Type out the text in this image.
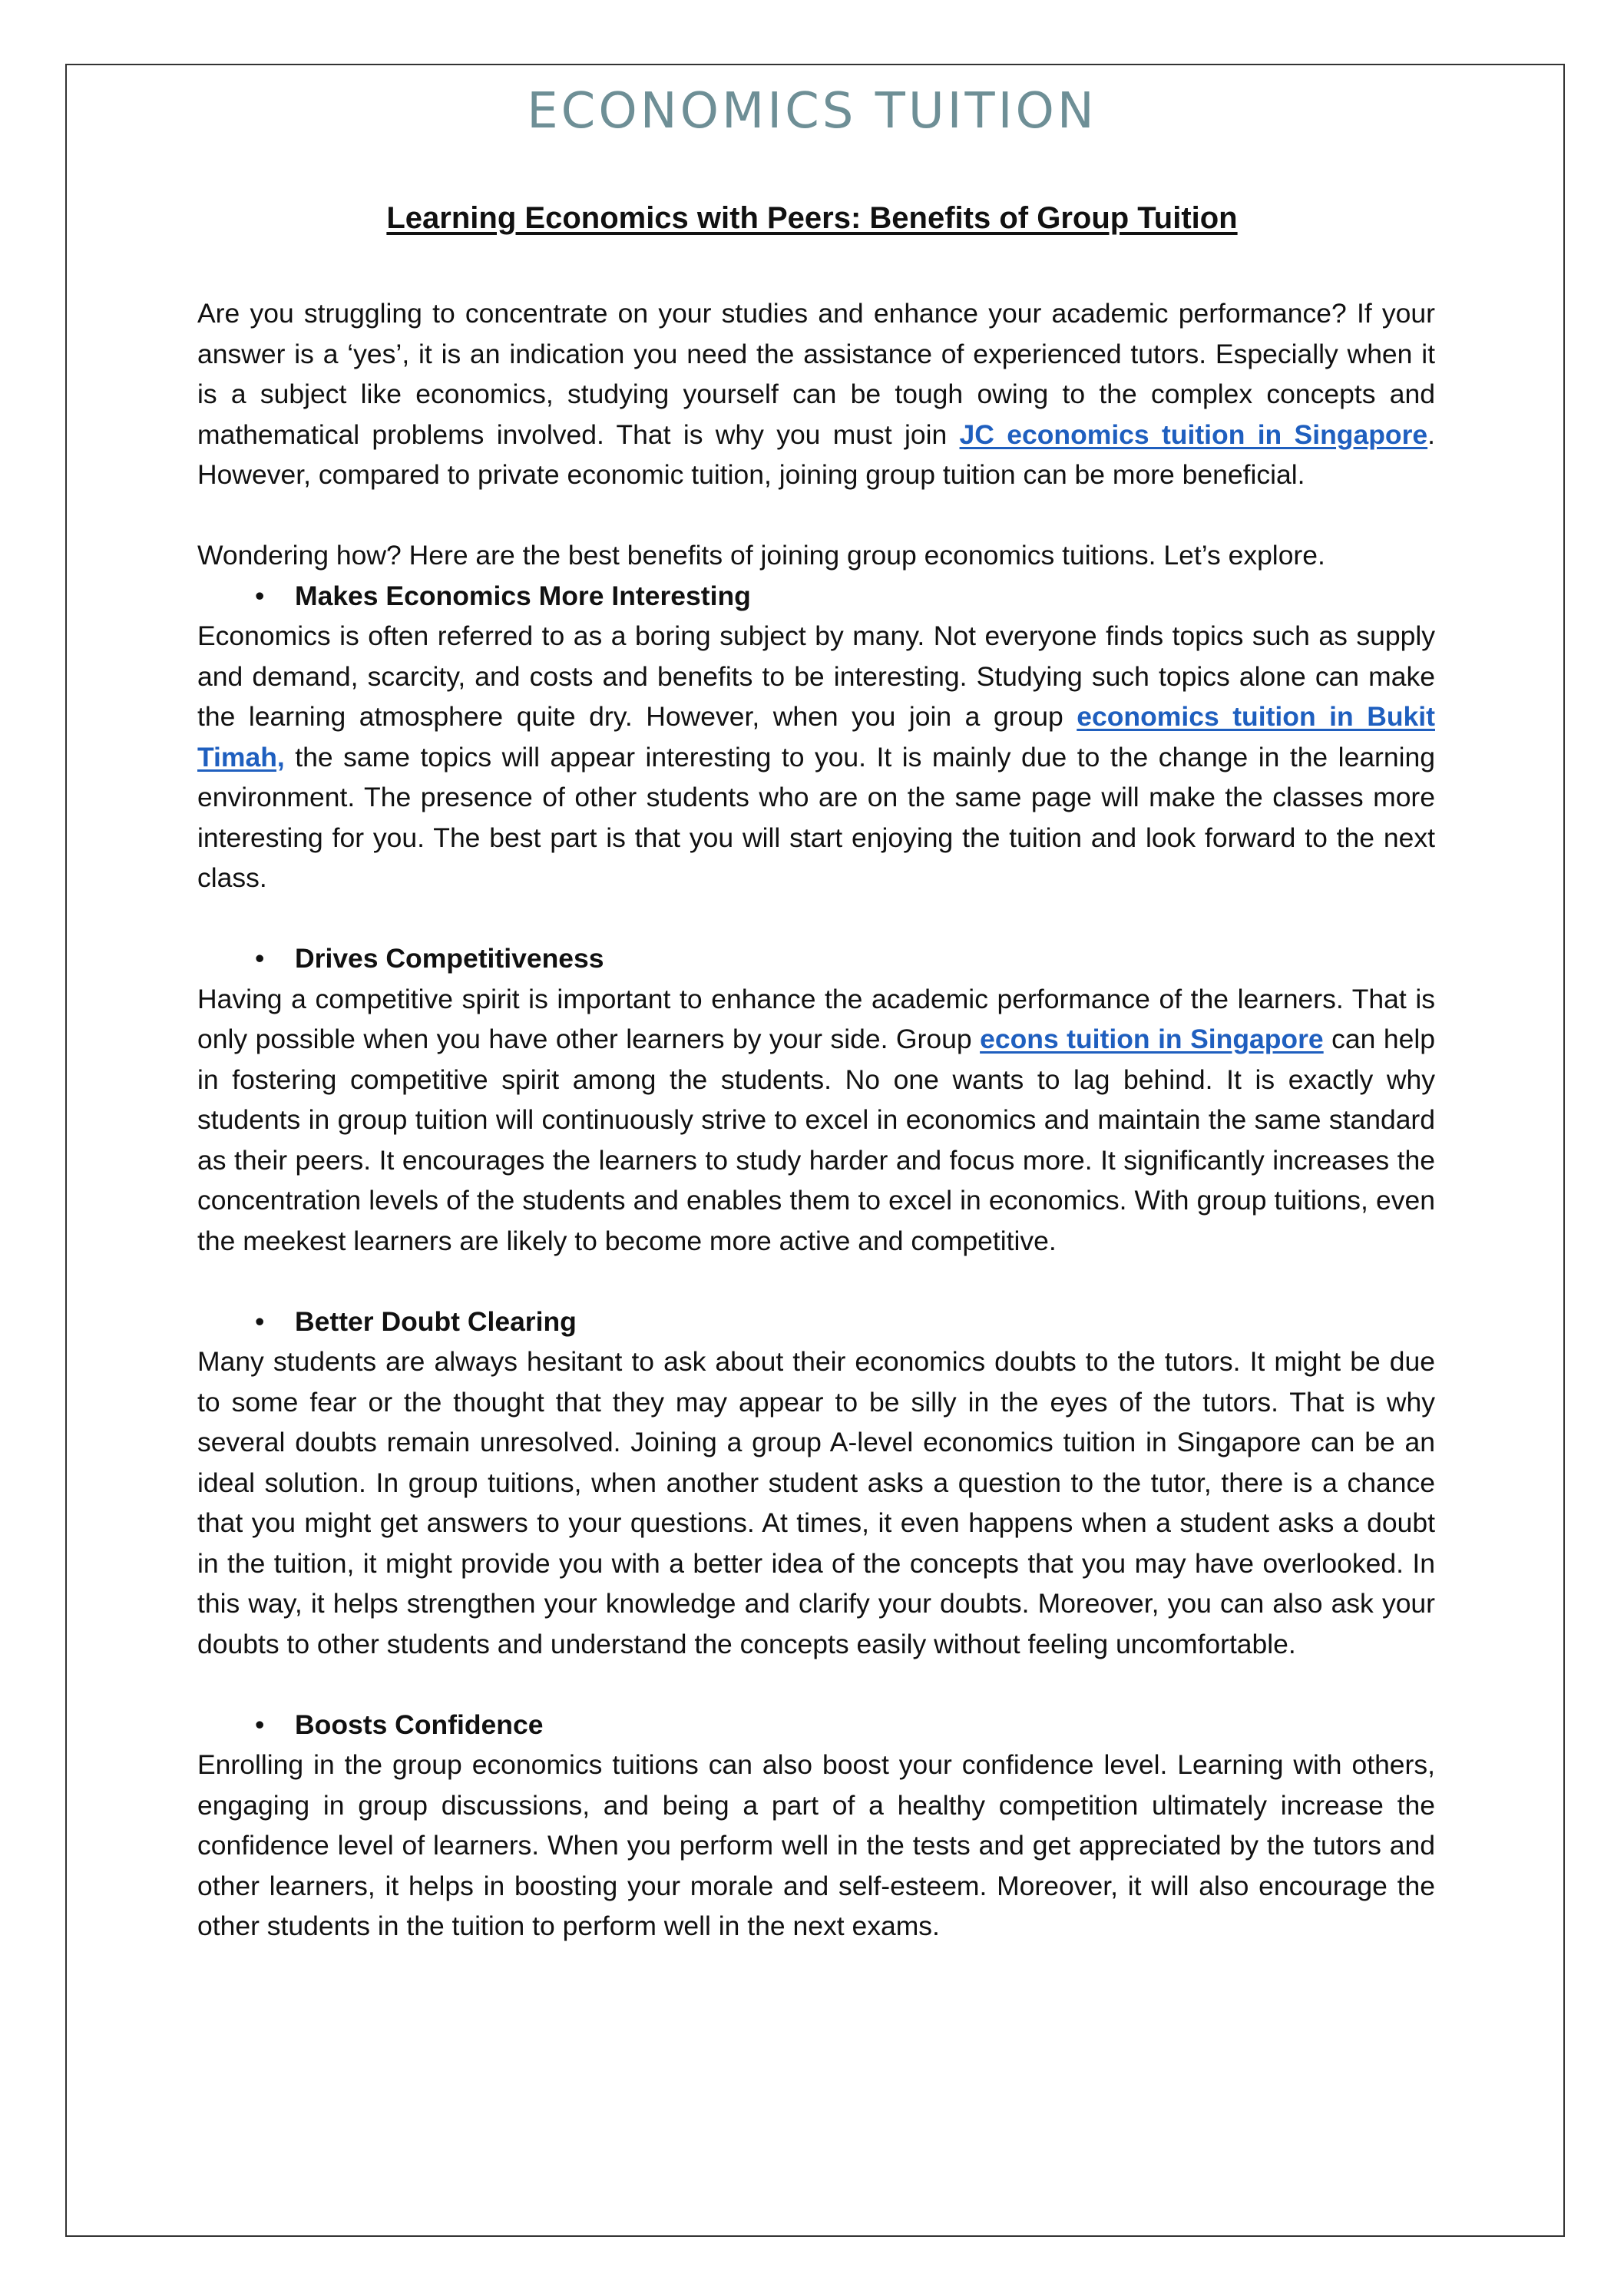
ECONOMICS TUITION
Learning Economics with Peers: Benefits of Group Tuition

Are you struggling to concentrate on your studies and enhance your academic performance? If your answer is a ‘yes’, it is an indication you need the assistance of experienced tutors. Especially when it is a subject like economics, studying yourself can be tough owing to the complex concepts and mathematical problems involved. That is why you must join JC economics tuition in Singapore. However, compared to private economic tuition, joining group tuition can be more beneficial.

Wondering how? Here are the best benefits of joining group economics tuitions. Let’s explore.

• Makes Economics More Interesting

Economics is often referred to as a boring subject by many. Not everyone finds topics such as supply and demand, scarcity, and costs and benefits to be interesting. Studying such topics alone can make the learning atmosphere quite dry. However, when you join a group economics tuition in Bukit Timah, the same topics will appear interesting to you. It is mainly due to the change in the learning environment. The presence of other students who are on the same page will make the classes more interesting for you. The best part is that you will start enjoying the tuition and look forward to the next class.

• Drives Competitiveness

Having a competitive spirit is important to enhance the academic performance of the learners. That is only possible when you have other learners by your side. Group econs tuition in Singapore can help in fostering competitive spirit among the students. No one wants to lag behind. It is exactly why students in group tuition will continuously strive to excel in economics and maintain the same standard as their peers. It encourages the learners to study harder and focus more. It significantly increases the concentration levels of the students and enables them to excel in economics. With group tuitions, even the meekest learners are likely to become more active and competitive.

• Better Doubt Clearing

Many students are always hesitant to ask about their economics doubts to the tutors. It might be due to some fear or the thought that they may appear to be silly in the eyes of the tutors. That is why several doubts remain unresolved. Joining a group A-level economics tuition in Singapore can be an ideal solution. In group tuitions, when another student asks a question to the tutor, there is a chance that you might get answers to your questions. At times, it even happens when a student asks a doubt in the tuition, it might provide you with a better idea of the concepts that you may have overlooked. In this way, it helps strengthen your knowledge and clarify your doubts. Moreover, you can also ask your doubts to other students and understand the concepts easily without feeling uncomfortable.

• Boosts Confidence

Enrolling in the group economics tuitions can also boost your confidence level. Learning with others, engaging in group discussions, and being a part of a healthy competition ultimately increase the confidence level of learners. When you perform well in the tests and get appreciated by the tutors and other learners, it helps in boosting your morale and self-esteem. Moreover, it will also encourage the other students in the tuition to perform well in the next exams.
